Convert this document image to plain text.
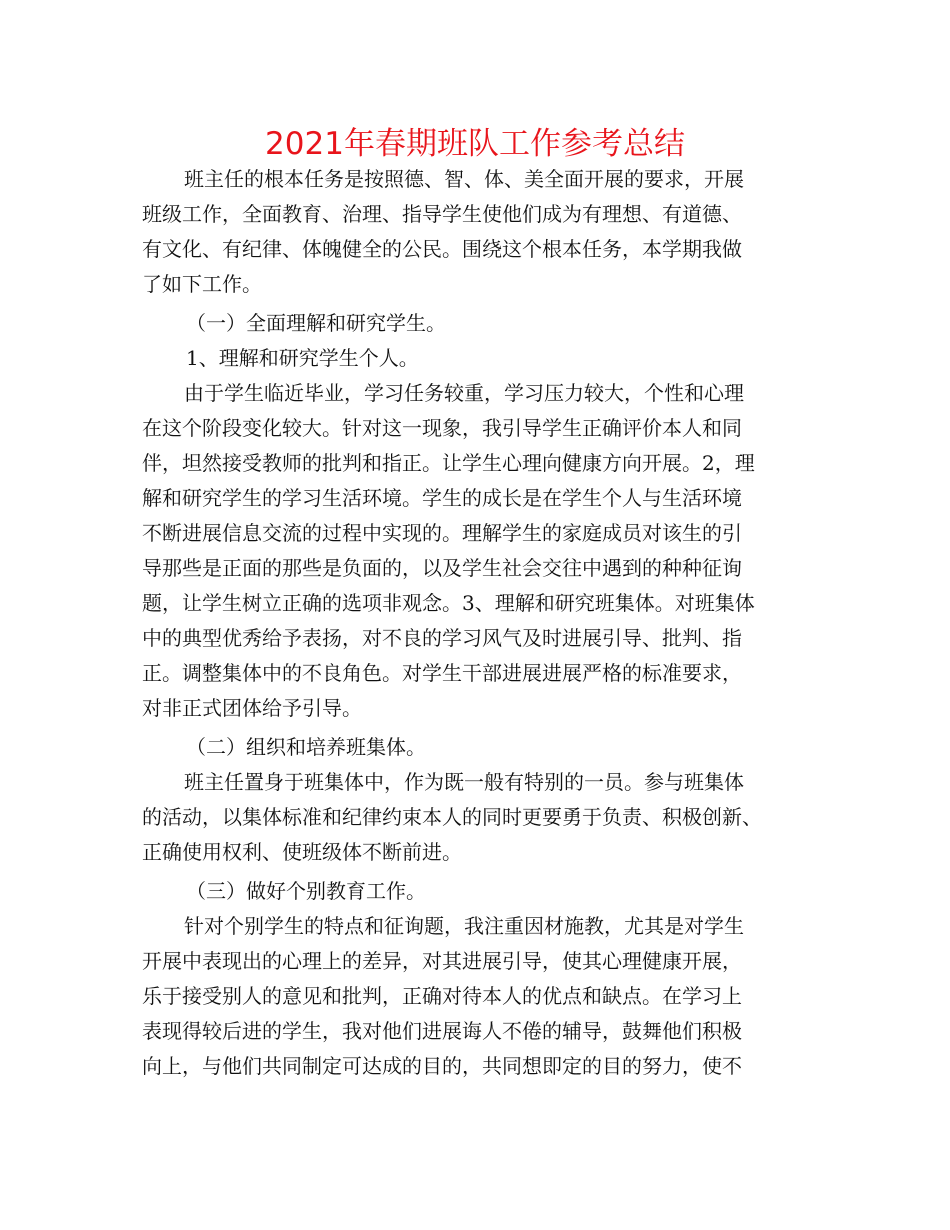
2021年春期班队工作参考总结
班主任的根本任务是按照德、智、体、美全面开展的要求，开展
班级工作，全面教育、治理、指导学生使他们成为有理想、有道德、
有文化、有纪律、体魄健全的公民。围绕这个根本任务，本学期我做
了如下工作。
（一）全面理解和研究学生。
1、理解和研究学生个人。
由于学生临近毕业，学习任务较重，学习压力较大，个性和心理
在这个阶段变化较大。针对这一现象，我引导学生正确评价本人和同
伴，坦然接受教师的批判和指正。让学生心理向健康方向开展。2，理
解和研究学生的学习生活环境。学生的成长是在学生个人与生活环境
不断进展信息交流的过程中实现的。理解学生的家庭成员对该生的引
导那些是正面的那些是负面的，以及学生社会交往中遇到的种种征询
题，让学生树立正确的选项非观念。3、理解和研究班集体。对班集体
中的典型优秀给予表扬，对不良的学习风气及时进展引导、批判、指
正。调整集体中的不良角色。对学生干部进展进展严格的标准要求，
对非正式团体给予引导。
（二）组织和培养班集体。
班主任置身于班集体中，作为既一般有特别的一员。参与班集体
的活动，以集体标准和纪律约束本人的同时更要勇于负责、积极创新、
正确使用权利、使班级体不断前进。
（三）做好个别教育工作。
针对个别学生的特点和征询题，我注重因材施教，尤其是对学生
开展中表现出的心理上的差异，对其进展引导，使其心理健康开展，
乐于接受别人的意见和批判，正确对待本人的优点和缺点。在学习上
表现得较后进的学生，我对他们进展诲人不倦的辅导，鼓舞他们积极
向上，与他们共同制定可达成的目的，共同想即定的目的努力，使不
